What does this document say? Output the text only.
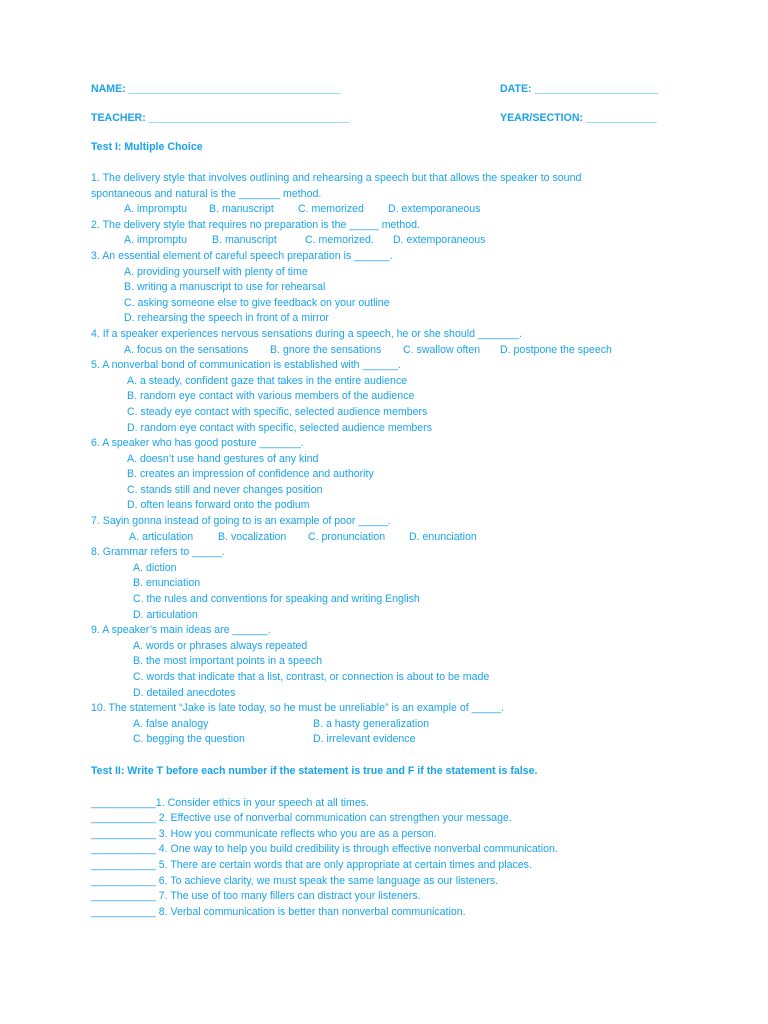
NAME: ____________________________________	DATE: _____________________
TEACHER: __________________________________	YEAR/SECTION: ____________
Test I: Multiple Choice
1. The delivery style that involves outlining and rehearsing a speech but that allows the speaker to sound
spontaneous and natural is the _______ method.
A. impromptu B. manuscript C. memorized D. extemporaneous
2. The delivery style that requires no preparation is the _____ method.
A. impromptu B. manuscript	C. memorized. D. extemporaneous
3. An essential element of careful speech preparation is ______.
A. providing yourself with plenty of time
B. writing a manuscript to use for rehearsal
C. asking someone else to give feedback on your outline
D. rehearsing the speech in front of a mirror
4. If a speaker experiences nervous sensations during a speech, he or she should _______.
A. focus on the sensations B. gnore the sensations C. swallow often D. postpone the speech
5. A nonverbal bond of communication is established with ______.
A. a steady, confident gaze that takes in the entire audience
B. random eye contact with various members of the audience
C. steady eye contact with specific, selected audience members
D. random eye contact with specific, selected audience members
6. A speaker who has good posture _______.
A. doesn’t use hand gestures of any kind
B. creates an impression of confidence and authority
C. stands still and never changes position
D. often leans forward onto the podium
7. Sayin gonna instead of going to is an example of poor _____.
A. articulation B. vocalization C. pronunciation D. enunciation
8. Grammar refers to _____.
A. diction
B. enunciation
C. the rules and conventions for speaking and writing English
D. articulation
9. A speaker’s main ideas are ______.
A. words or phrases always repeated
B. the most important points in a speech
C. words that indicate that a list, contrast, or connection is about to be made
D. detailed anecdotes
10. The statement “Jake is late today, so he must be unreliable” is an example of _____.
A. false analogy	B. a hasty generalization
C. begging the question	D. irrelevant evidence
Test II: Write T before each number if the statement is true and F if the statement is false.
___________1. Consider ethics in your speech at all times.
___________ 2. Effective use of nonverbal communication can strengthen your message.
___________ 3. How you communicate reflects who you are as a person.
___________ 4. One way to help you build credibility is through effective nonverbal communication.
___________ 5. There are certain words that are only appropriate at certain times and places.
___________ 6. To achieve clarity, we must speak the same language as our listeners.
___________ 7. The use of too many fillers can distract your listeners.
___________ 8. Verbal communication is better than nonverbal communication.
